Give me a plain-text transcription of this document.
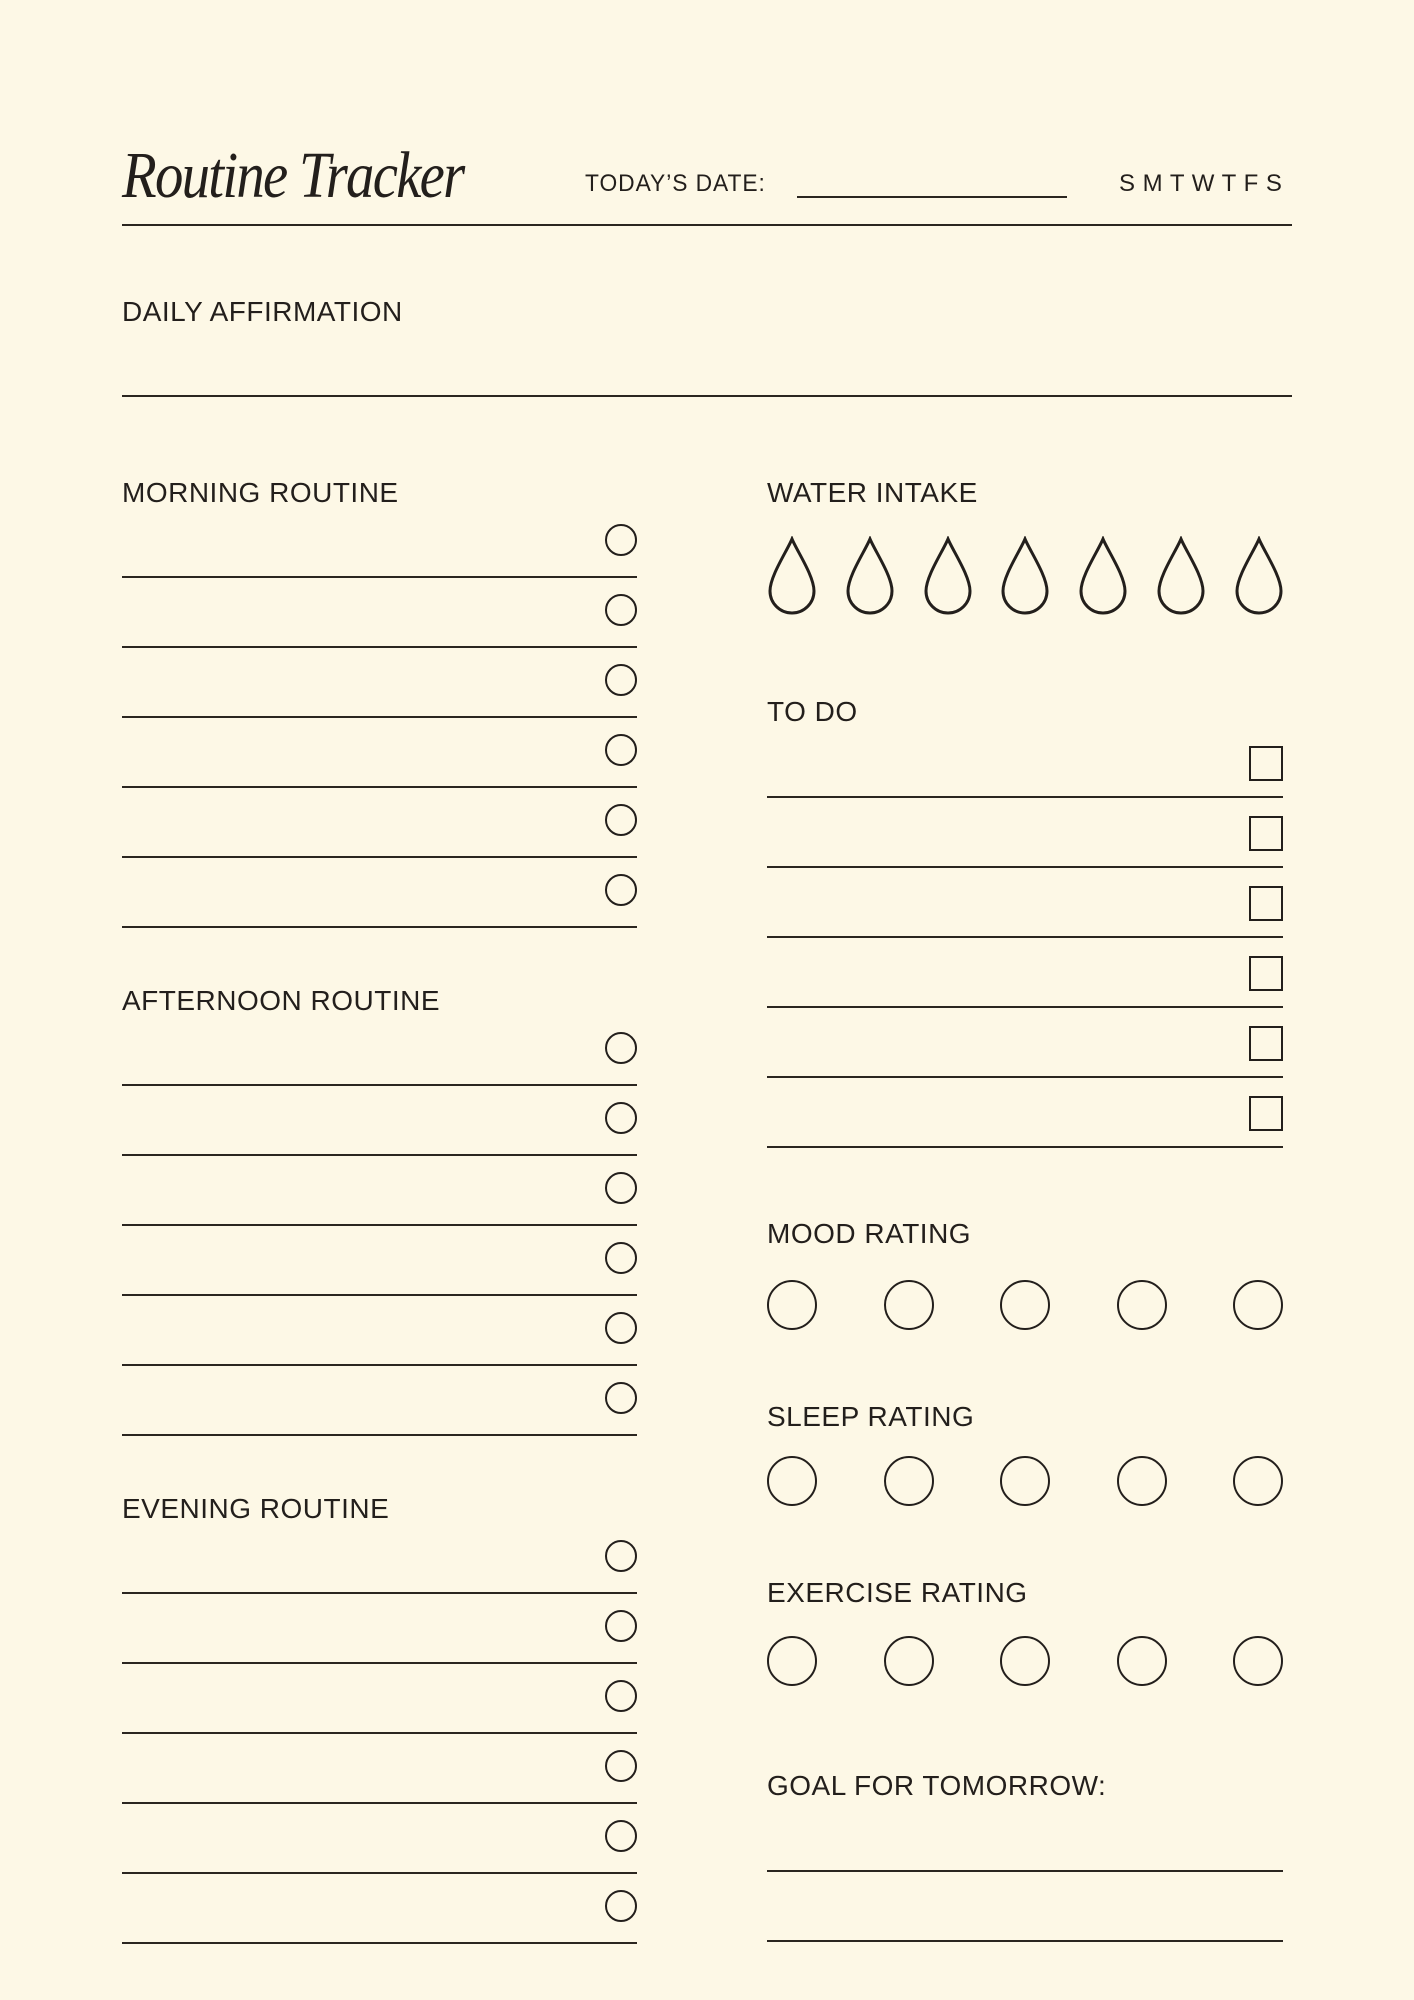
Routine Tracker	TODAY’S DATE:	S M T W T F S
DAILY AFFIRMATION
MORNING ROUTINE
AFTERNOON ROUTINE
EVENING ROUTINE
WATER INTAKE
TO DO
MOOD RATING
SLEEP RATING
EXERCISE RATING
GOAL FOR TOMORROW:
